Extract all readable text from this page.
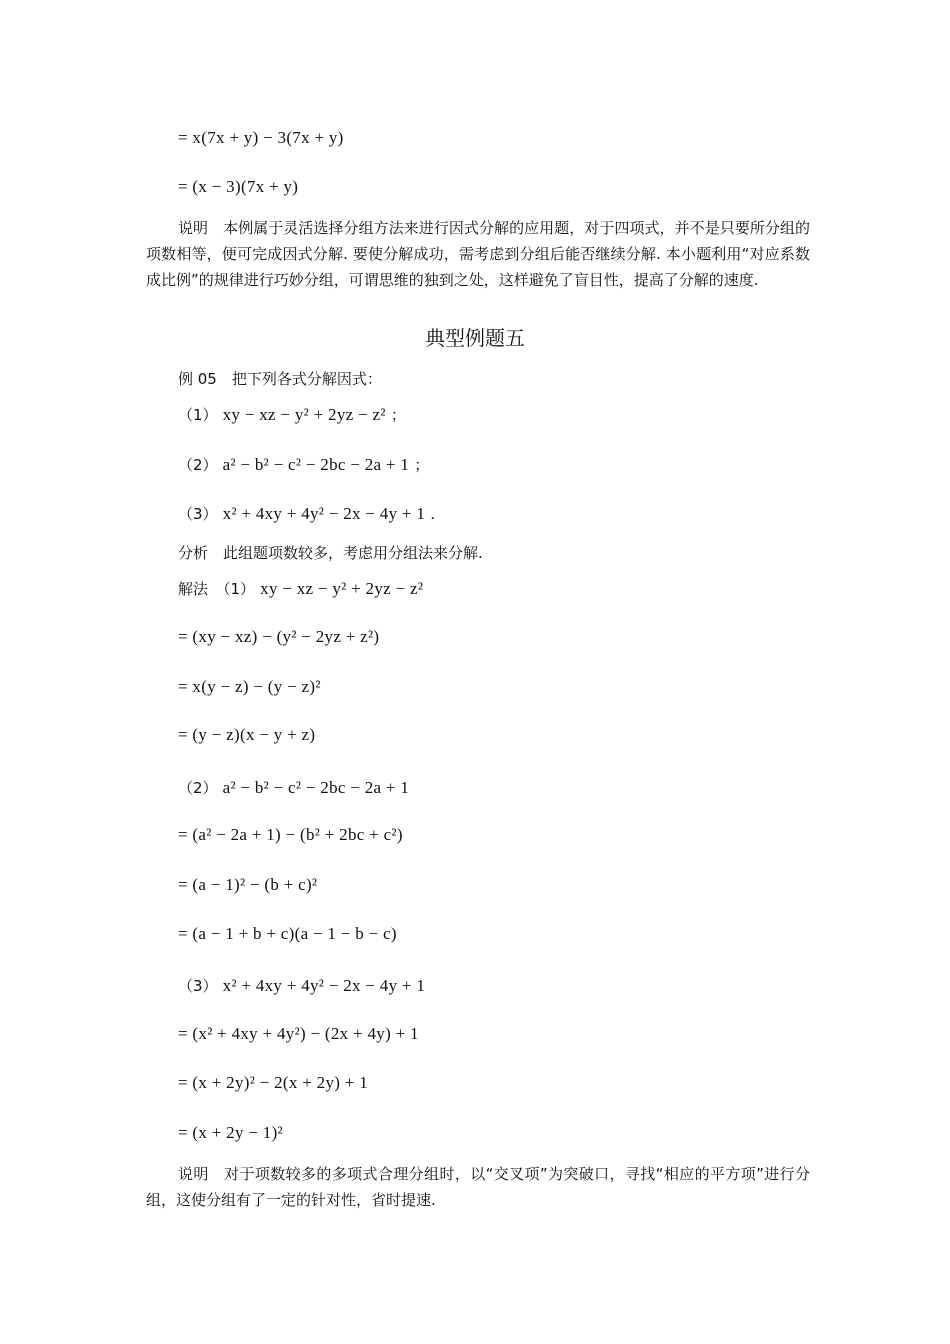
= x(7x + y) − 3(7x + y)
= (x − 3)(7x + y)
说明　本例属于灵活选择分组方法来进行因式分解的应用题，对于四项式，并不是只要所分组的项数相等，便可完成因式分解. 要使分解成功，需考虑到分组后能否继续分解. 本小题利用“对应系数成比例”的规律进行巧妙分组，可谓思维的独到之处，这样避免了盲目性，提高了分解的速度.
典型例题五
例 05　把下列各式分解因式：
（1） xy − xz − y² + 2yz − z² ；
（2） a² − b² − c² − 2bc − 2a + 1 ；
（3） x² + 4xy + 4y² − 2x − 4y + 1 .
分析　此组题项数较多，考虑用分组法来分解.
解法　（1） xy − xz − y² + 2yz − z²
= (xy − xz) − (y² − 2yz + z²)
= x(y − z) − (y − z)²
= (y − z)(x − y + z)
（2） a² − b² − c² − 2bc − 2a + 1
= (a² − 2a + 1) − (b² + 2bc + c²)
= (a − 1)² − (b + c)²
= (a − 1 + b + c)(a − 1 − b − c)
（3） x² + 4xy + 4y² − 2x − 4y + 1
= (x² + 4xy + 4y²) − (2x + 4y) + 1
= (x + 2y)² − 2(x + 2y) + 1
= (x + 2y − 1)²
说明　对于项数较多的多项式合理分组时，以“交叉项”为突破口，寻找“相应的平方项”进行分组，这使分组有了一定的针对性，省时提速.
